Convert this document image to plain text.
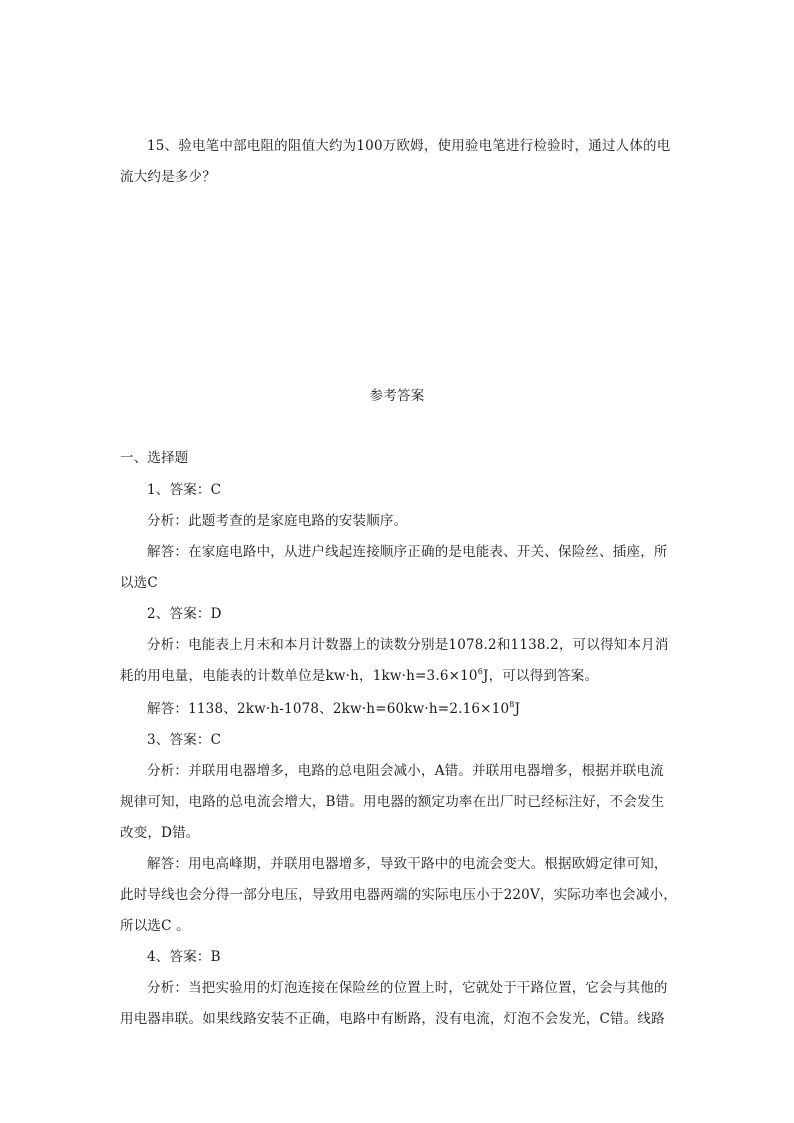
15、验电笔中部电阻的阻值大约为100万欧姆，使用验电笔进行检验时，通过人体的电
流大约是多少？
参考答案
一、选择题
1、答案：C
分析：此题考查的是家庭电路的安装顺序。
解答：在家庭电路中，从进户线起连接顺序正确的是电能表、开关、保险丝、插座，所
以选C
2、答案：D
分析：电能表上月末和本月计数器上的读数分别是1078.2和1138.2，可以得知本月消
耗的用电量，电能表的计数单位是kw·h，$1kw\cdot h=3.6\times 10^6J$，可以得到答案。
解答：1138、2kw·h-1078、$2kw\cdot h=60kw\cdot h=2.16\times 10^8J$
3、答案：C
分析：并联用电器增多，电路的总电阻会减小，A错。并联用电器增多，根据并联电流
规律可知，电路的总电流会增大，B错。用电器的额定功率在出厂时已经标注好，不会发生
改变，D错。
解答：用电高峰期，并联用电器增多，导致干路中的电流会变大。根据欧姆定律可知，
此时导线也会分得一部分电压，导致用电器两端的实际电压小于220V，实际功率也会减小，
所以选C 。
4、答案：B
分析：当把实验用的灯泡连接在保险丝的位置上时，它就处于干路位置，它会与其他的
用电器串联。如果线路安装不正确，电路中有断路，没有电流，灯泡不会发光，C错。线路
